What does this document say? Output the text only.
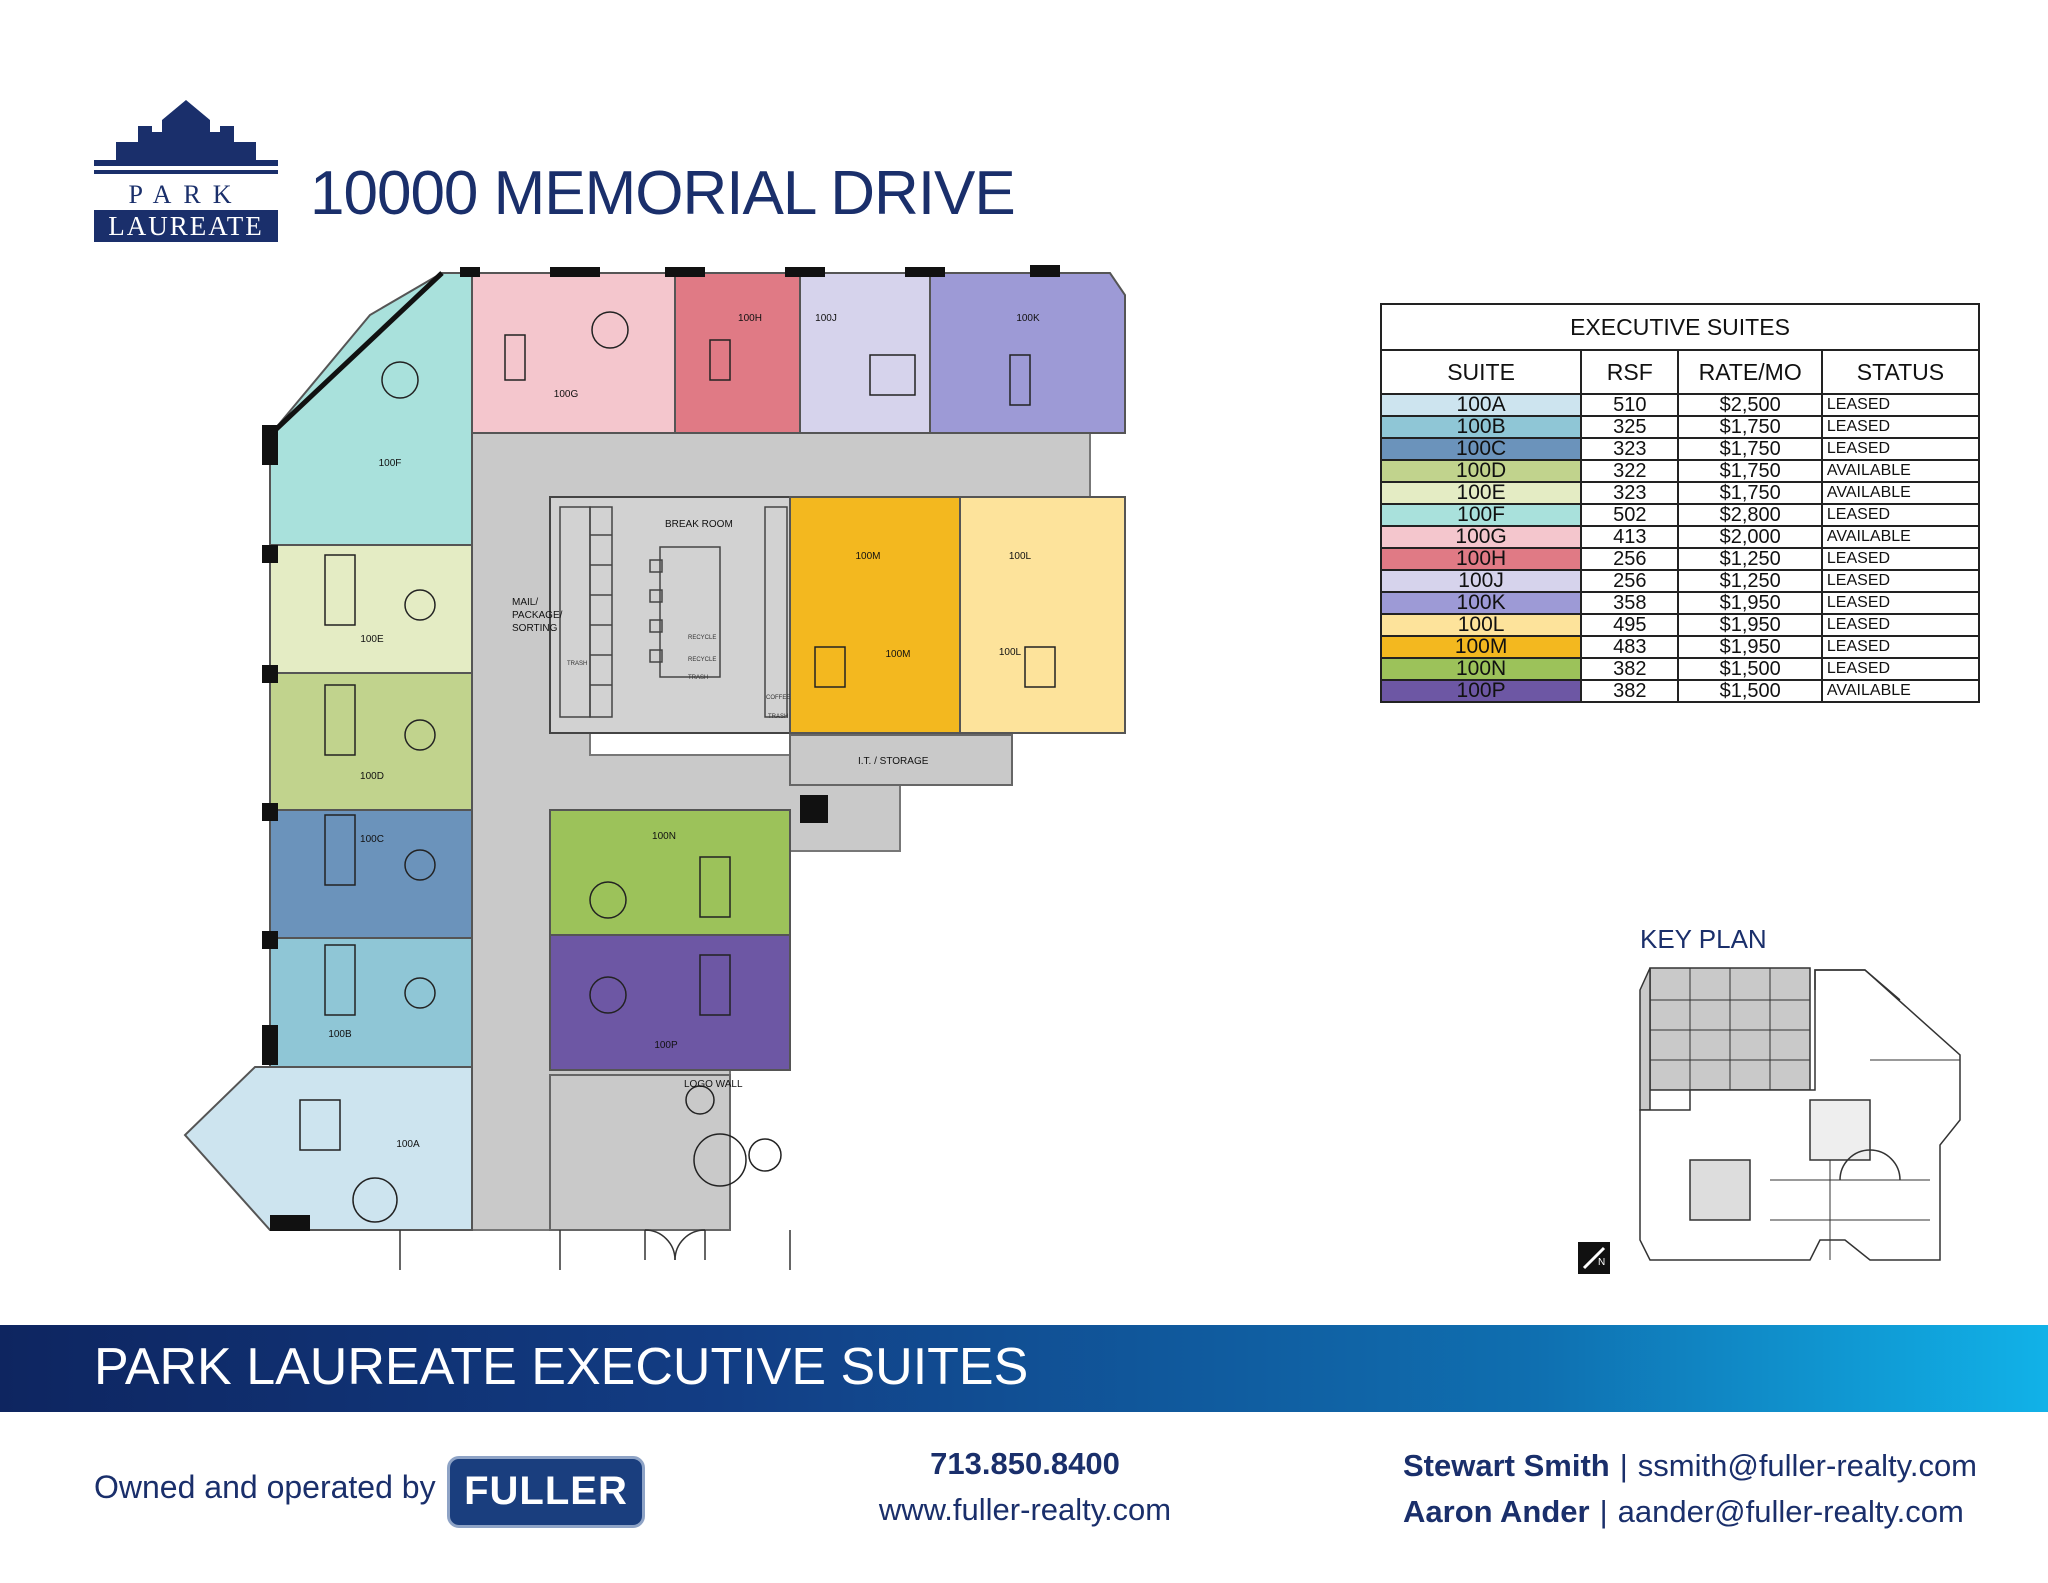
PARK
LAUREATE 10000 MEMORIAL DRIVE
100G
100H	100J	100K
100F
100E
100D
100C
100B
100A
100M
100M
100L
100L
100N
100P
MAIL/
PACKAGE/
SORTING
BREAK ROOM
I.T. / STORAGE
LOGO WALL
TRASH
RECYCLE
RECYCLE
TRASH
COFFEE
TRASH
EXECUTIVE SUITES			
SUITE	RSF	RATE/MO	STATUS
100A	510	$2,500	LEASED
100B	325	$1,750	LEASED
100C	323	$1,750	LEASED
100D	322	$1,750	AVAILABLE
100E	323	$1,750	AVAILABLE
100F	502	$2,800	LEASED
100G	413	$2,000	AVAILABLE
100H	256	$1,250	LEASED
100J	256	$1,250	LEASED
100K	358	$1,950	LEASED
100L	495	$1,950	LEASED
100M	483	$1,950	LEASED
100N	382	$1,500	LEASED
100P	382	$1,500	AVAILABLE
KEY PLAN
N
PARK LAUREATE EXECUTIVE SUITES
Owned and operated by FULLER
713.850.8400
www.fuller-realty.com
Stewart Smith | ssmith@fuller-realty.com
Aaron Ander | aander@fuller-realty.com
